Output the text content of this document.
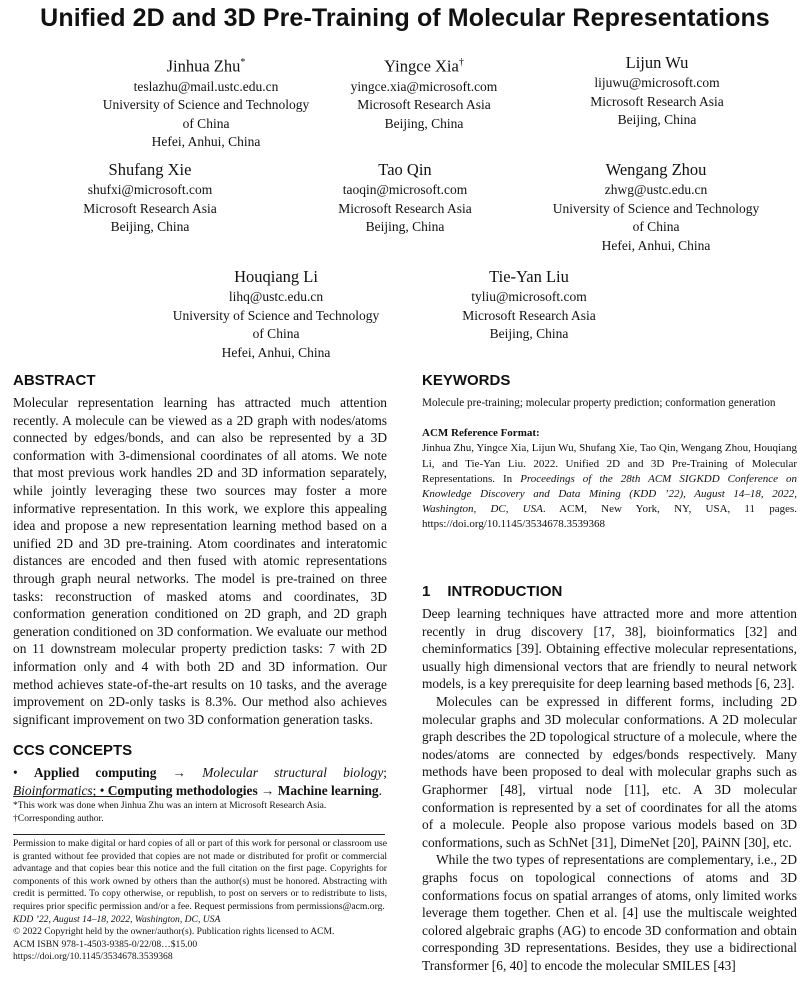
Unified 2D and 3D Pre-Training of Molecular Representations
Jinhua Zhu*
teslazhu@mail.ustc.edu.cn
University of Science and Technology
of China
Hefei, Anhui, China
Yingce Xia†
yingce.xia@microsoft.com
Microsoft Research Asia
Beijing, China
Lijun Wu
lijuwu@microsoft.com
Microsoft Research Asia
Beijing, China
Shufang Xie
shufxi@microsoft.com
Microsoft Research Asia
Beijing, China
Tao Qin
taoqin@microsoft.com
Microsoft Research Asia
Beijing, China
Wengang Zhou
zhwg@ustc.edu.cn
University of Science and Technology
of China
Hefei, Anhui, China
Houqiang Li
lihq@ustc.edu.cn
University of Science and Technology
of China
Hefei, Anhui, China
Tie-Yan Liu
tyliu@microsoft.com
Microsoft Research Asia
Beijing, China
ABSTRACT
Molecular representation learning has attracted much attention recently. A molecule can be viewed as a 2D graph with nodes/atoms connected by edges/bonds, and can also be represented by a 3D conformation with 3-dimensional coordinates of all atoms. We note that most previous work handles 2D and 3D information separately, while jointly leveraging these two sources may foster a more informative representation. In this work, we explore this appealing idea and propose a new representation learning method based on a unified 2D and 3D pre-training. Atom coordinates and interatomic distances are encoded and then fused with atomic representations through graph neural networks. The model is pre-trained on three tasks: reconstruction of masked atoms and coordinates, 3D conformation generation conditioned on 2D graph, and 2D graph generation conditioned on 3D conformation. We evaluate our method on 11 downstream molecular property prediction tasks: 7 with 2D information only and 4 with both 2D and 3D information. Our method achieves state-of-the-art results on 10 tasks, and the average improvement on 2D-only tasks is 8.3%. Our method also achieves significant improvement on two 3D conformation generation tasks.
CCS CONCEPTS
• Applied computing → Molecular structural biology; Bioinformatics; • Computing methodologies → Machine learning.
*This work was done when Jinhua Zhu was an intern at Microsoft Research Asia.
†Corresponding author.
Permission to make digital or hard copies of all or part of this work for personal or classroom use is granted without fee provided that copies are not made or distributed for profit or commercial advantage and that copies bear this notice and the full citation on the first page. Copyrights for components of this work owned by others than the author(s) must be honored. Abstracting with credit is permitted. To copy otherwise, or republish, to post on servers or to redistribute to lists, requires prior specific permission and/or a fee. Request permissions from permissions@acm.org.
KDD ’22, August 14–18, 2022, Washington, DC, USA
© 2022 Copyright held by the owner/author(s). Publication rights licensed to ACM.
ACM ISBN 978-1-4503-9385-0/22/08…$15.00
https://doi.org/10.1145/3534678.3539368
KEYWORDS
Molecule pre-training; molecular property prediction; conformation generation
ACM Reference Format:
Jinhua Zhu, Yingce Xia, Lijun Wu, Shufang Xie, Tao Qin, Wengang Zhou, Houqiang Li, and Tie-Yan Liu. 2022. Unified 2D and 3D Pre-Training of Molecular Representations. In Proceedings of the 28th ACM SIGKDD Conference on Knowledge Discovery and Data Mining (KDD ’22), August 14–18, 2022, Washington, DC, USA. ACM, New York, NY, USA, 11 pages. https://doi.org/10.1145/3534678.3539368
1 INTRODUCTION
Deep learning techniques have attracted more and more attention recently in drug discovery [17, 38], bioinformatics [32] and cheminformatics [39]. Obtaining effective molecular representations, usually high dimensional vectors that are friendly to neural network models, is a key prerequisite for deep learning based methods [6, 23].
Molecules can be expressed in different forms, including 2D molecular graphs and 3D molecular conformations. A 2D molecular graph describes the 2D topological structure of a molecule, where the nodes/atoms are connected by edges/bonds respectively. Many methods have been proposed to deal with molecular graphs such as Graphormer [48], virtual node [11], etc. A 3D molecular conformation is represented by a set of coordinates for all the atoms of a molecule. People also propose various models based on 3D conformations, such as SchNet [31], DimeNet [20], PAiNN [30], etc.
While the two types of representations are complementary, i.e., 2D graphs focus on topological connections of atoms and 3D conformations focus on spatial arranges of atoms, only limited works leverage them together. Chen et al. [4] use the multiscale weighted colored algebraic graphs (AG) to encode 3D conformation and obtain corresponding 3D representations. Besides, they use a bidirectional Transformer [6, 40] to encode the molecular SMILES [43]
